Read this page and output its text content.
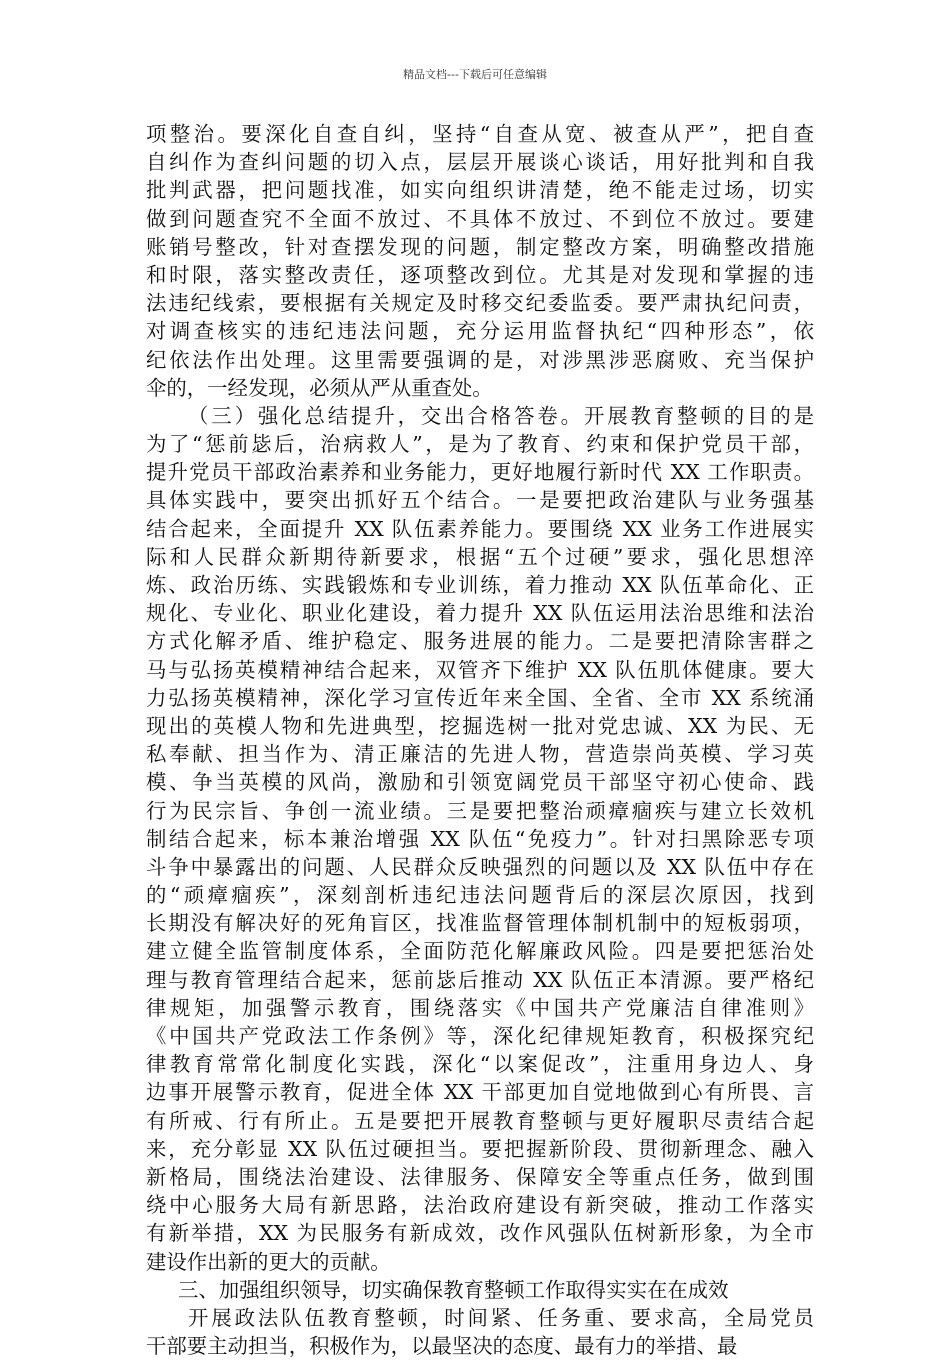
精品文档---下载后可任意编辑
项整治。要深化自查自纠，坚持“自查从宽、被查从严”，把自查
自纠作为查纠问题的切入点，层层开展谈心谈话，用好批判和自我
批判武器，把问题找准，如实向组织讲清楚，绝不能走过场，切实
做到问题查究不全面不放过、不具体不放过、不到位不放过。要建
账销号整改，针对查摆发现的问题，制定整改方案，明确整改措施
和时限，落实整改责任，逐项整改到位。尤其是对发现和掌握的违
法违纪线索，要根据有关规定及时移交纪委监委。要严肃执纪问责，
对调查核实的违纪违法问题，充分运用监督执纪“四种形态”，依
纪依法作出处理。这里需要强调的是，对涉黑涉恶腐败、充当保护
伞的，一经发现，必须从严从重查处。
（三）强化总结提升，交出合格答卷。开展教育整顿的目的是
为了“惩前毖后，治病救人”，是为了教育、约束和保护党员干部，
提升党员干部政治素养和业务能力，更好地履行新时代 XX 工作职责。
具体实践中，要突出抓好五个结合。一是要把政治建队与业务强基
结合起来，全面提升 XX 队伍素养能力。要围绕 XX 业务工作进展实
际和人民群众新期待新要求，根据“五个过硬”要求，强化思想淬
炼、政治历练、实践锻炼和专业训练，着力推动 XX 队伍革命化、正
规化、专业化、职业化建设，着力提升 XX 队伍运用法治思维和法治
方式化解矛盾、维护稳定、服务进展的能力。二是要把清除害群之
马与弘扬英模精神结合起来，双管齐下维护 XX 队伍肌体健康。要大
力弘扬英模精神，深化学习宣传近年来全国、全省、全市 XX 系统涌
现出的英模人物和先进典型，挖掘选树一批对党忠诚、XX 为民、无
私奉献、担当作为、清正廉洁的先进人物，营造崇尚英模、学习英
模、争当英模的风尚，激励和引领宽阔党员干部坚守初心使命、践
行为民宗旨、争创一流业绩。三是要把整治顽瘴痼疾与建立长效机
制结合起来，标本兼治增强 XX 队伍“免疫力”。针对扫黑除恶专项
斗争中暴露出的问题、人民群众反映强烈的问题以及 XX 队伍中存在
的“顽瘴痼疾”，深刻剖析违纪违法问题背后的深层次原因，找到
长期没有解决好的死角盲区，找准监督管理体制机制中的短板弱项，
建立健全监管制度体系，全面防范化解廉政风险。四是要把惩治处
理与教育管理结合起来，惩前毖后推动 XX 队伍正本清源。要严格纪
律规矩，加强警示教育，围绕落实《中国共产党廉洁自律准则》
《中国共产党政法工作条例》等，深化纪律规矩教育，积极探究纪
律教育常常化制度化实践，深化“以案促改”，注重用身边人、身
边事开展警示教育，促进全体 XX 干部更加自觉地做到心有所畏、言
有所戒、行有所止。五是要把开展教育整顿与更好履职尽责结合起
来，充分彰显 XX 队伍过硬担当。要把握新阶段、贯彻新理念、融入
新格局，围绕法治建设、法律服务、保障安全等重点任务，做到围
绕中心服务大局有新思路，法治政府建设有新突破，推动工作落实
有新举措，XX 为民服务有新成效，改作风强队伍树新形象，为全市
建设作出新的更大的贡献。
三、加强组织领导，切实确保教育整顿工作取得实实在在成效
开展政法队伍教育整顿，时间紧、任务重、要求高，全局党员
干部要主动担当，积极作为，以最坚决的态度、最有力的举措、最
